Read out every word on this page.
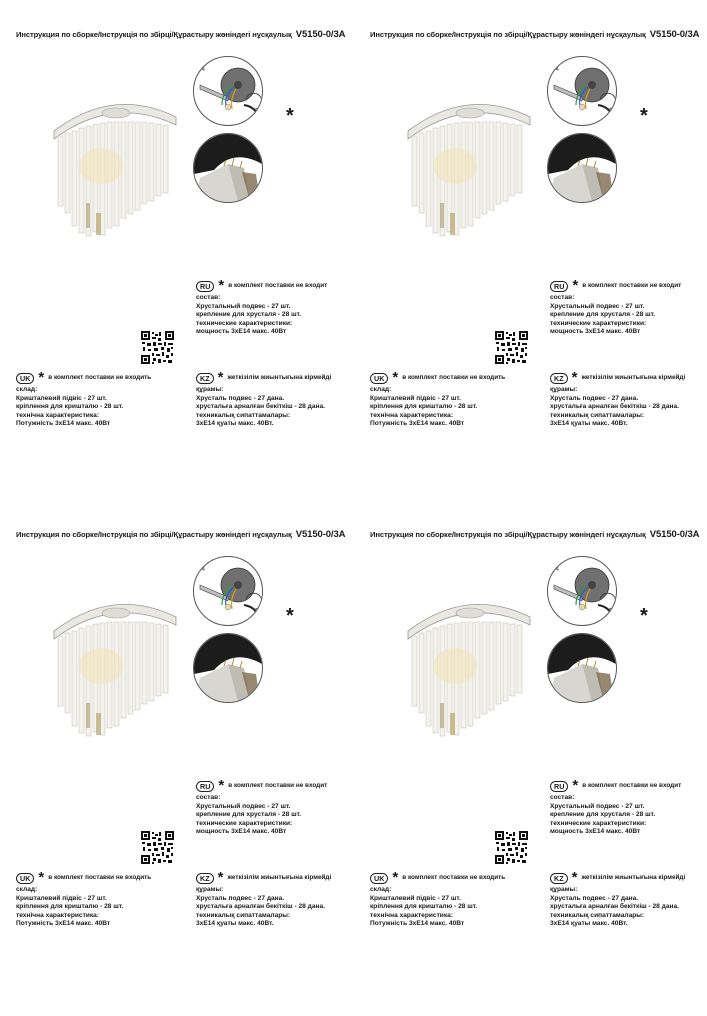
Инструкция по сборке/Інструкція по збірці/Құрастыру жөніндегі нұсқаулық V5150-0/3A
*
RU * в комплект поставки не входит
состав:
Хрустальный подвес - 27 шт.
крепление для хрусталя - 28 шт.
технические характеристики:
мощность 3xE14 макс. 40Вт
UK * в комплект поставки не входить
склад:
Кришталевий підвіс - 27 шт.
кріплення для кришталю - 28 шт.
технічна характеристика:
Потужність 3xE14 макс. 40Вт
KZ * жеткізілім жиынтығына кірмейді
құрамы:
Хрусталь подвес - 27 дана.
хрустальға арналған бекіткіш - 28 дана.
техникалық сипаттамалары:
3xE14 қуаты макс. 40Вт.
Инструкция по сборке/Інструкція по збірці/Құрастыру жөніндегі нұсқаулық V5150-0/3A
*
RU * в комплект поставки не входит
состав:
Хрустальный подвес - 27 шт.
крепление для хрусталя - 28 шт.
технические характеристики:
мощность 3xE14 макс. 40Вт
UK * в комплект поставки не входить
склад:
Кришталевий підвіс - 27 шт.
кріплення для кришталю - 28 шт.
технічна характеристика:
Потужність 3xE14 макс. 40Вт
KZ * жеткізілім жиынтығына кірмейді
құрамы:
Хрусталь подвес - 27 дана.
хрустальға арналған бекіткіш - 28 дана.
техникалық сипаттамалары:
3xE14 қуаты макс. 40Вт.
Инструкция по сборке/Інструкція по збірці/Құрастыру жөніндегі нұсқаулық V5150-0/3A
*
RU * в комплект поставки не входит
состав:
Хрустальный подвес - 27 шт.
крепление для хрусталя - 28 шт.
технические характеристики:
мощность 3xE14 макс. 40Вт
UK * в комплект поставки не входить
склад:
Кришталевий підвіс - 27 шт.
кріплення для кришталю - 28 шт.
технічна характеристика:
Потужність 3xE14 макс. 40Вт
KZ * жеткізілім жиынтығына кірмейді
құрамы:
Хрусталь подвес - 27 дана.
хрустальға арналған бекіткіш - 28 дана.
техникалық сипаттамалары:
3xE14 қуаты макс. 40Вт.
Инструкция по сборке/Інструкція по збірці/Құрастыру жөніндегі нұсқаулық V5150-0/3A
*
RU * в комплект поставки не входит
состав:
Хрустальный подвес - 27 шт.
крепление для хрусталя - 28 шт.
технические характеристики:
мощность 3xE14 макс. 40Вт
UK * в комплект поставки не входить
склад:
Кришталевий підвіс - 27 шт.
кріплення для кришталю - 28 шт.
технічна характеристика:
Потужність 3xE14 макс. 40Вт
KZ * жеткізілім жиынтығына кірмейді
құрамы:
Хрусталь подвес - 27 дана.
хрустальға арналған бекіткіш - 28 дана.
техникалық сипаттамалары:
3xE14 қуаты макс. 40Вт.
